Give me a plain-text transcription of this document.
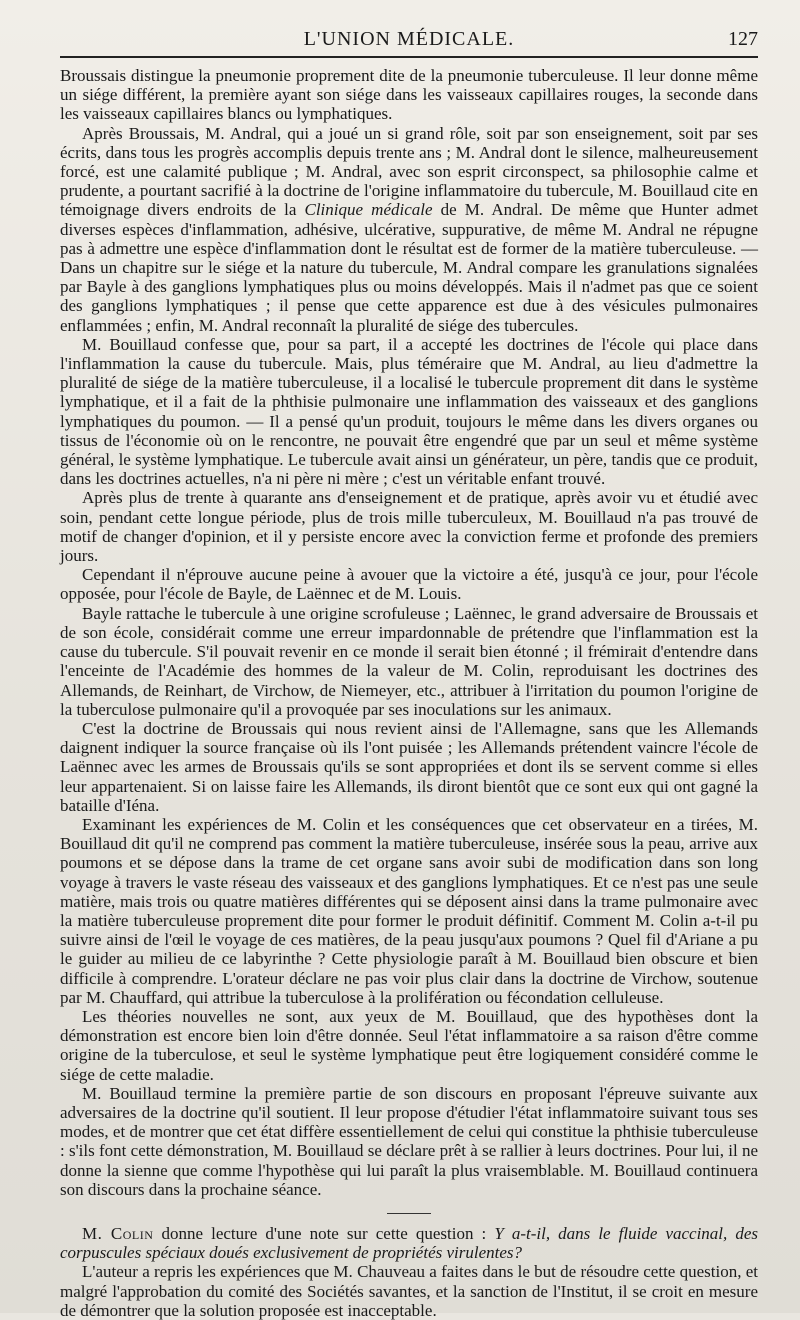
L'UNION MÉDICALE.	127

Broussais distingue la pneumonie proprement dite de la pneumonie tuberculeuse. Il leur donne même un siége différent, la première ayant son siége dans les vaisseaux capillaires rouges, la seconde dans les vaisseaux capillaires blancs ou lymphatiques.

Après Broussais, M. Andral, qui a joué un si grand rôle, soit par son enseignement, soit par ses écrits, dans tous les progrès accomplis depuis trente ans ; M. Andral dont le silence, malheureusement forcé, est une calamité publique ; M. Andral, avec son esprit circonspect, sa philosophie calme et prudente, a pourtant sacrifié à la doctrine de l'origine inflammatoire du tubercule, M. Bouillaud cite en témoignage divers endroits de la Clinique médicale de M. Andral. De même que Hunter admet diverses espèces d'inflammation, adhésive, ulcérative, suppurative, de même M. Andral ne répugne pas à admettre une espèce d'inflammation dont le résultat est de former de la matière tuberculeuse. — Dans un chapitre sur le siége et la nature du tubercule, M. Andral compare les granulations signalées par Bayle à des ganglions lymphatiques plus ou moins développés. Mais il n'admet pas que ce soient des ganglions lymphatiques ; il pense que cette apparence est due à des vésicules pulmonaires enflammées ; enfin, M. Andral reconnaît la pluralité de siége des tubercules.

M. Bouillaud confesse que, pour sa part, il a accepté les doctrines de l'école qui place dans l'inflammation la cause du tubercule. Mais, plus téméraire que M. Andral, au lieu d'admettre la pluralité de siége de la matière tuberculeuse, il a localisé le tubercule proprement dit dans le système lymphatique, et il a fait de la phthisie pulmonaire une inflammation des vaisseaux et des ganglions lymphatiques du poumon. — Il a pensé qu'un produit, toujours le même dans les divers organes ou tissus de l'économie où on le rencontre, ne pouvait être engendré que par un seul et même système général, le système lymphatique. Le tubercule avait ainsi un générateur, un père, tandis que ce produit, dans les doctrines actuelles, n'a ni père ni mère ; c'est un véritable enfant trouvé.

Après plus de trente à quarante ans d'enseignement et de pratique, après avoir vu et étudié avec soin, pendant cette longue période, plus de trois mille tuberculeux, M. Bouillaud n'a pas trouvé de motif de changer d'opinion, et il y persiste encore avec la conviction ferme et profonde des premiers jours.

Cependant il n'éprouve aucune peine à avouer que la victoire a été, jusqu'à ce jour, pour l'école opposée, pour l'école de Bayle, de Laënnec et de M. Louis.

Bayle rattache le tubercule à une origine scrofuleuse ; Laënnec, le grand adversaire de Broussais et de son école, considérait comme une erreur impardonnable de prétendre que l'inflammation est la cause du tubercule. S'il pouvait revenir en ce monde il serait bien étonné ; il frémirait d'entendre dans l'enceinte de l'Académie des hommes de la valeur de M. Colin, reproduisant les doctrines des Allemands, de Reinhart, de Virchow, de Niemeyer, etc., attribuer à l'irritation du poumon l'origine de la tuberculose pulmonaire qu'il a provoquée par ses inoculations sur les animaux.

C'est la doctrine de Broussais qui nous revient ainsi de l'Allemagne, sans que les Allemands daignent indiquer la source française où ils l'ont puisée ; les Allemands prétendent vaincre l'école de Laënnec avec les armes de Broussais qu'ils se sont appropriées et dont ils se servent comme si elles leur appartenaient. Si on laisse faire les Allemands, ils diront bientôt que ce sont eux qui ont gagné la bataille d'Iéna.

Examinant les expériences de M. Colin et les conséquences que cet observateur en a tirées, M. Bouillaud dit qu'il ne comprend pas comment la matière tuberculeuse, insérée sous la peau, arrive aux poumons et se dépose dans la trame de cet organe sans avoir subi de modification dans son long voyage à travers le vaste réseau des vaisseaux et des ganglions lymphatiques. Et ce n'est pas une seule matière, mais trois ou quatre matières différentes qui se déposent ainsi dans la trame pulmonaire avec la matière tuberculeuse proprement dite pour former le produit définitif. Comment M. Colin a-t-il pu suivre ainsi de l'œil le voyage de ces matières, de la peau jusqu'aux poumons ? Quel fil d'Ariane a pu le guider au milieu de ce labyrinthe ? Cette physiologie paraît à M. Bouillaud bien obscure et bien difficile à comprendre. L'orateur déclare ne pas voir plus clair dans la doctrine de Virchow, soutenue par M. Chauffard, qui attribue la tuberculose à la prolifération ou fécondation celluleuse.

Les théories nouvelles ne sont, aux yeux de M. Bouillaud, que des hypothèses dont la démonstration est encore bien loin d'être donnée. Seul l'état inflammatoire a sa raison d'être comme origine de la tuberculose, et seul le système lymphatique peut être logiquement considéré comme le siége de cette maladie.

M. Bouillaud termine la première partie de son discours en proposant l'épreuve suivante aux adversaires de la doctrine qu'il soutient. Il leur propose d'étudier l'état inflammatoire suivant tous ses modes, et de montrer que cet état diffère essentiellement de celui qui constitue la phthisie tuberculeuse : s'ils font cette démonstration, M. Bouillaud se déclare prêt à se rallier à leurs doctrines. Pour lui, il ne donne la sienne que comme l'hypothèse qui lui paraît la plus vraisemblable. M. Bouillaud continuera son discours dans la prochaine séance.

M. Colin donne lecture d'une note sur cette question : Y a-t-il, dans le fluide vaccinal, des corpuscules spéciaux doués exclusivement de propriétés virulentes?

L'auteur a repris les expériences que M. Chauveau a faites dans le but de résoudre cette question, et malgré l'approbation du comité des Sociétés savantes, et la sanction de l'Institut, il se croit en mesure de démontrer que la solution proposée est inacceptable.
